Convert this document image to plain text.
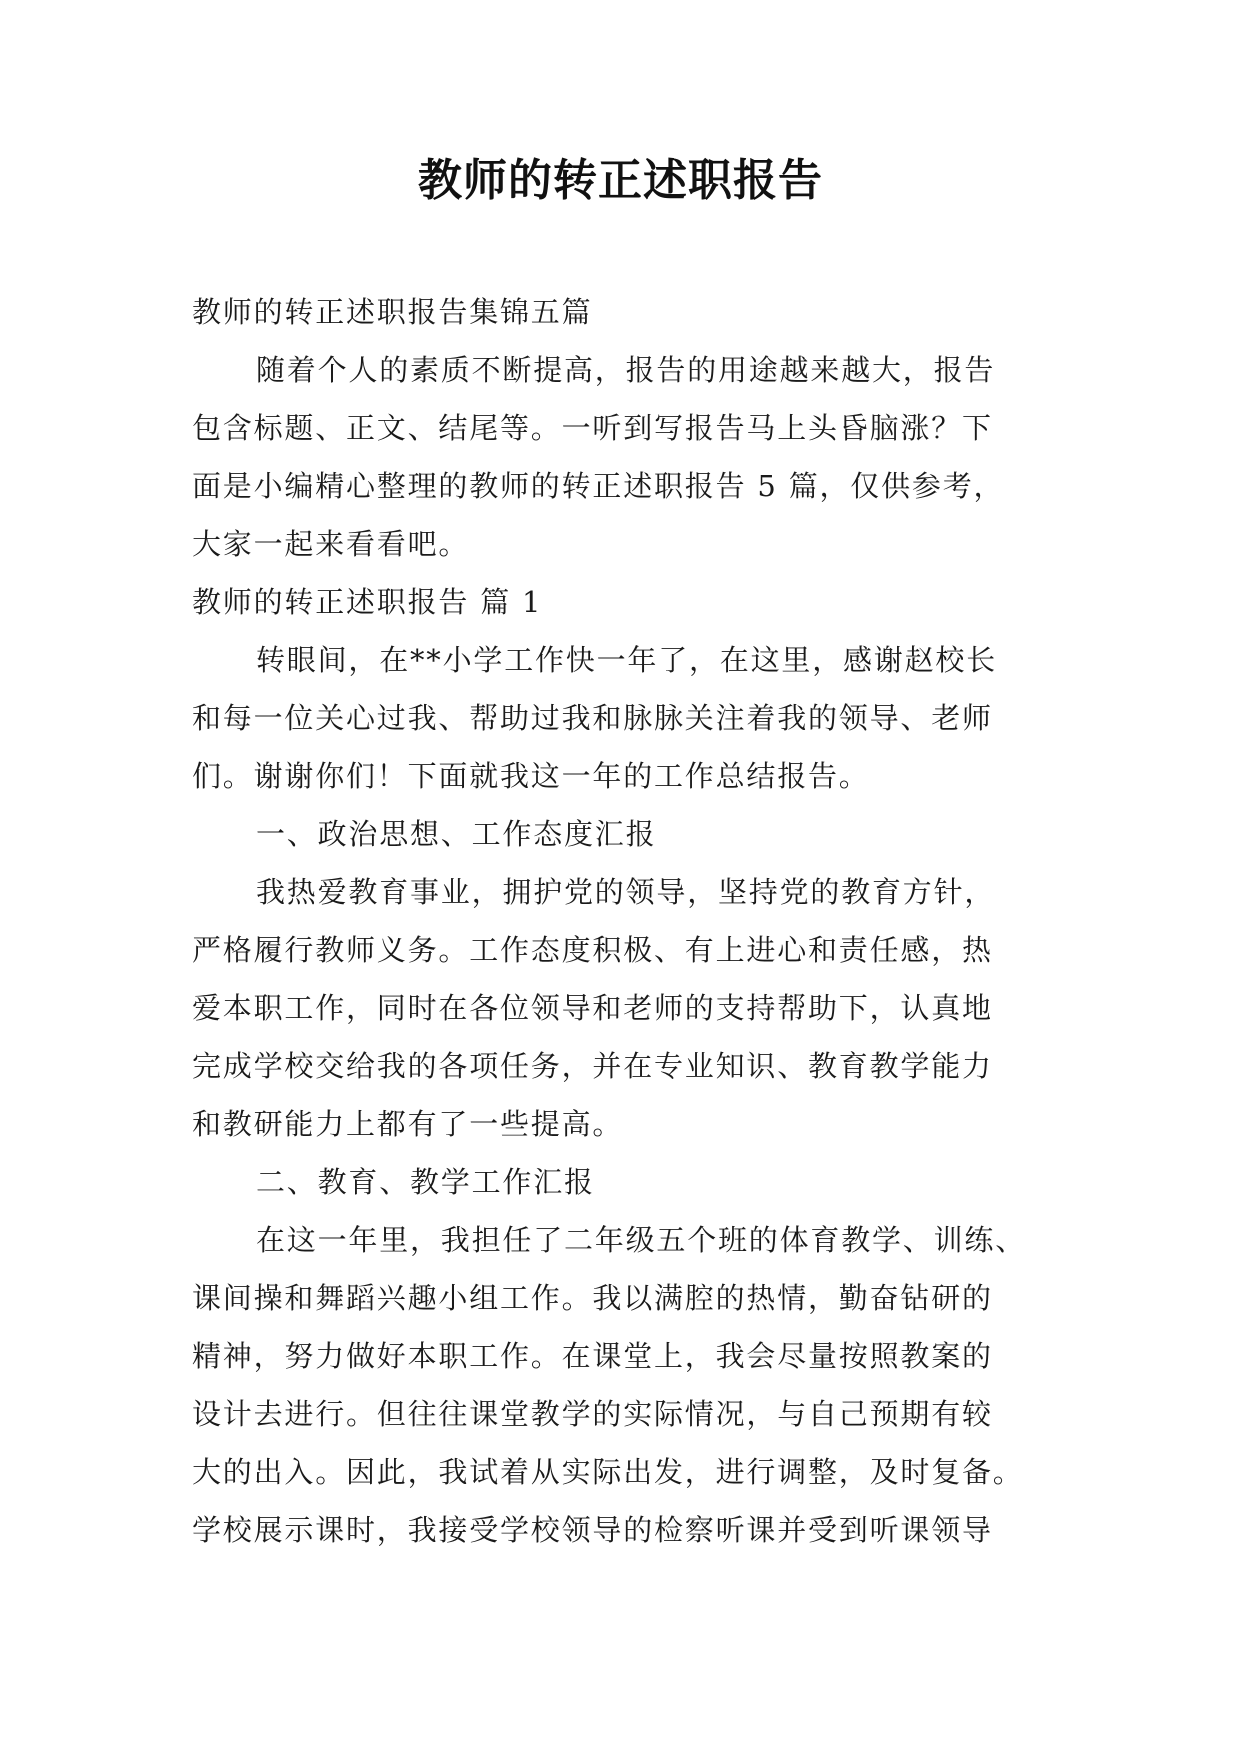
教师的转正述职报告
教师的转正述职报告集锦五篇
随着个人的素质不断提高，报告的用途越来越大，报告
包含标题、正文、结尾等。一听到写报告马上头昏脑涨？下
面是小编精心整理的教师的转正述职报告 5 篇，仅供参考，
大家一起来看看吧。
教师的转正述职报告 篇 1
转眼间，在**小学工作快一年了，在这里，感谢赵校长
和每一位关心过我、帮助过我和脉脉关注着我的领导、老师
们。谢谢你们！下面就我这一年的工作总结报告。
一、政治思想、工作态度汇报
我热爱教育事业，拥护党的领导，坚持党的教育方针，
严格履行教师义务。工作态度积极、有上进心和责任感，热
爱本职工作，同时在各位领导和老师的支持帮助下，认真地
完成学校交给我的各项任务，并在专业知识、教育教学能力
和教研能力上都有了一些提高。
二、教育、教学工作汇报
在这一年里，我担任了二年级五个班的体育教学、训练、
课间操和舞蹈兴趣小组工作。我以满腔的热情，勤奋钻研的
精神，努力做好本职工作。在课堂上，我会尽量按照教案的
设计去进行。但往往课堂教学的实际情况，与自己预期有较
大的出入。因此，我试着从实际出发，进行调整，及时复备。
学校展示课时，我接受学校领导的检察听课并受到听课领导
